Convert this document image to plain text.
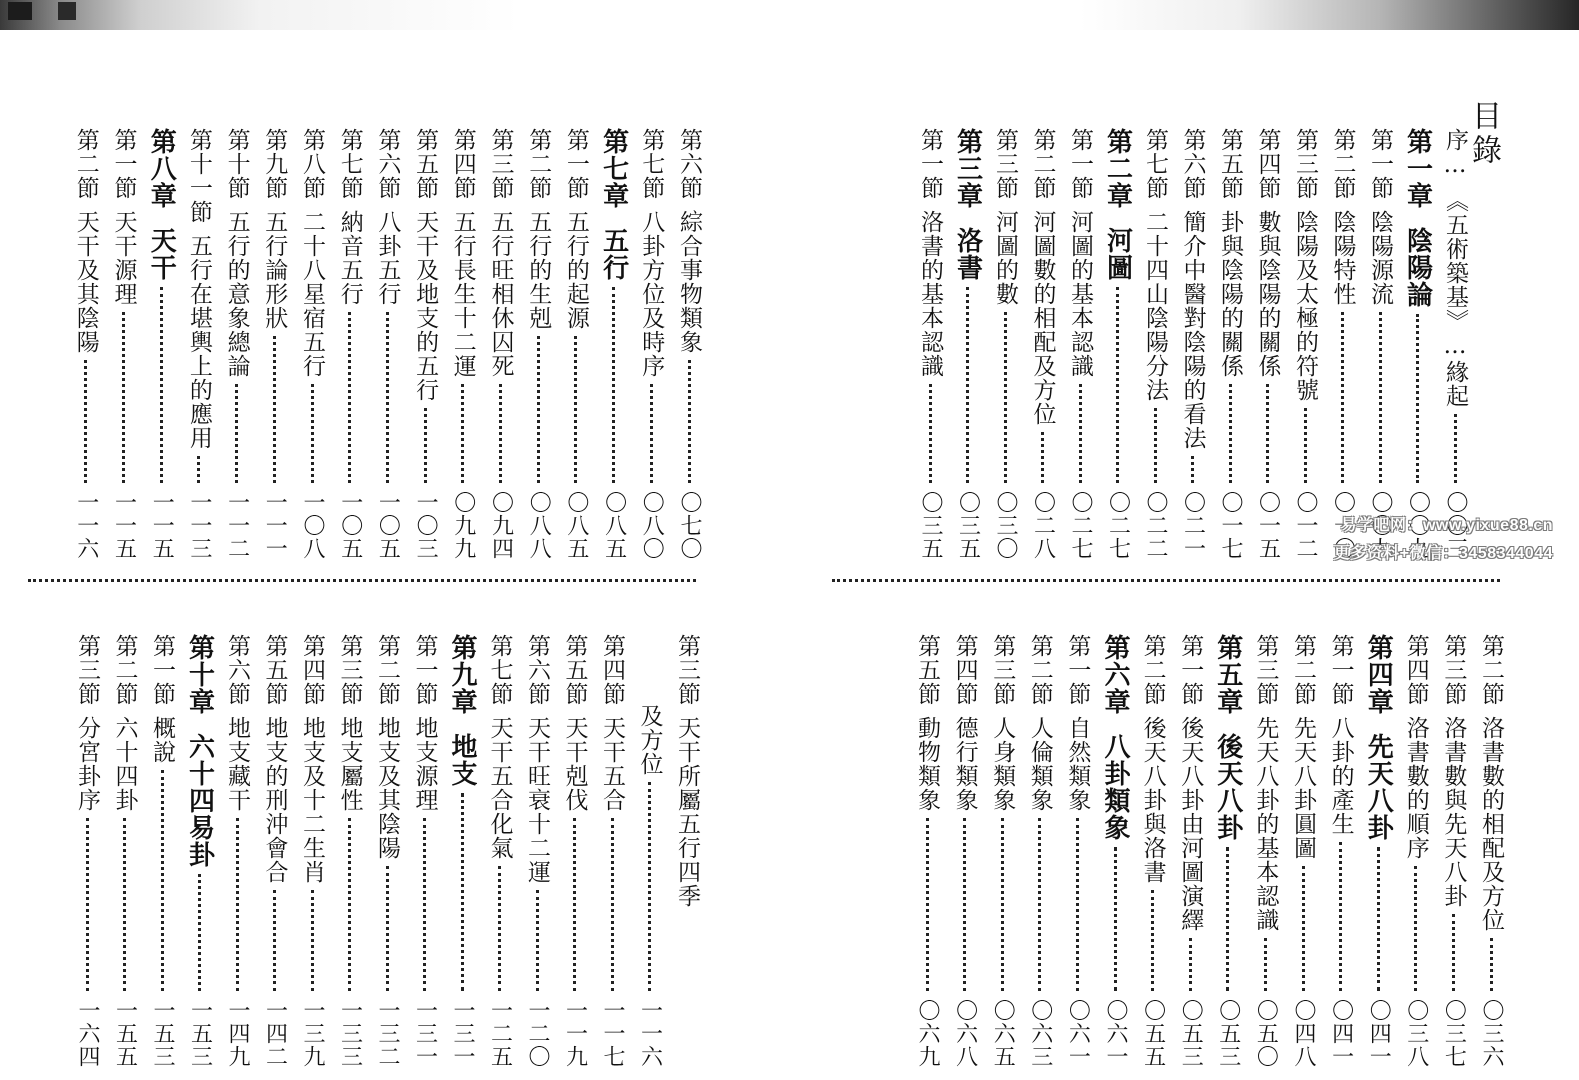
目錄
序…
《五術築基》…緣起
〇〇三
第一章
陰陽論
〇〇九
第一節
陰陽源流
〇〇九
第二節
陰陽特性
〇一〇
第三節
陰陽及太極的符號
〇一二
第四節
數與陰陽的關係
〇一五
第五節
卦與陰陽的關係
〇一七
第六節
簡介中醫對陰陽的看法
〇二一
第七節
二十四山陰陽分法
〇二二
第二章
河圖
〇二七
第一節
河圖的基本認識
〇二七
第二節
河圖數的相配及方位
〇二八
第三節
河圖的數
〇三〇
第三章
洛書
〇三五
第一節
洛書的基本認識
〇三五
第六節
綜合事物類象
〇七〇
第七節
八卦方位及時序
〇八〇
第七章
五行
〇八五
第一節
五行的起源
〇八五
第二節
五行的生剋
〇八八
第三節
五行旺相休囚死
〇九四
第四節
五行長生十二運
〇九九
第五節
天干及地支的五行
一〇三
第六節
八卦五行
一〇五
第七節
納音五行
一〇五
第八節
二十八星宿五行
一〇八
第九節
五行論形狀
一一一
第十節
五行的意象總論
一一二
第十一節
五行在堪輿上的應用
一一三
第八章
天干
一一五
第一節
天干源理
一一五
第二節
天干及其陰陽
一一六
第二節
洛書數的相配及方位
〇三六
第三節
洛書數與先天八卦
〇三七
第四節
洛書數的順序
〇三八
第四章
先天八卦
〇四一
第一節
八卦的產生
〇四一
第二節
先天八卦圓圖
〇四八
第三節
先天八卦的基本認識
〇五〇
第五章
後天八卦
〇五三
第一節
後天八卦由河圖演繹
〇五三
第二節
後天八卦與洛書
〇五五
第六章
八卦類象
〇六一
第一節
自然類象
〇六一
第二節
人倫類象
〇六三
第三節
人身類象
〇六五
第四節
德行類象
〇六八
第五節
動物類象
〇六九
第三節
天干所屬五行四季
及方位
一一六
第四節
天干五合
一一七
第五節
天干剋伐
一一九
第六節
天干旺衰十二運
一二〇
第七節
天干五合化氣
一二五
第九章
地支
一三一
第一節
地支源理
一三一
第二節
地支及其陰陽
一三二
第三節
地支屬性
一三三
第四節
地支及十二生肖
一三九
第五節
地支的刑沖會合
一四二
第六節
地支藏干
一四九
第十章
六十四易卦
一五三
第一節
概說
一五三
第二節
六十四卦
一五五
第三節
分宮卦序
一六四
易学吧网：www.yixue88.cn
更多资料+微信：3458344044
